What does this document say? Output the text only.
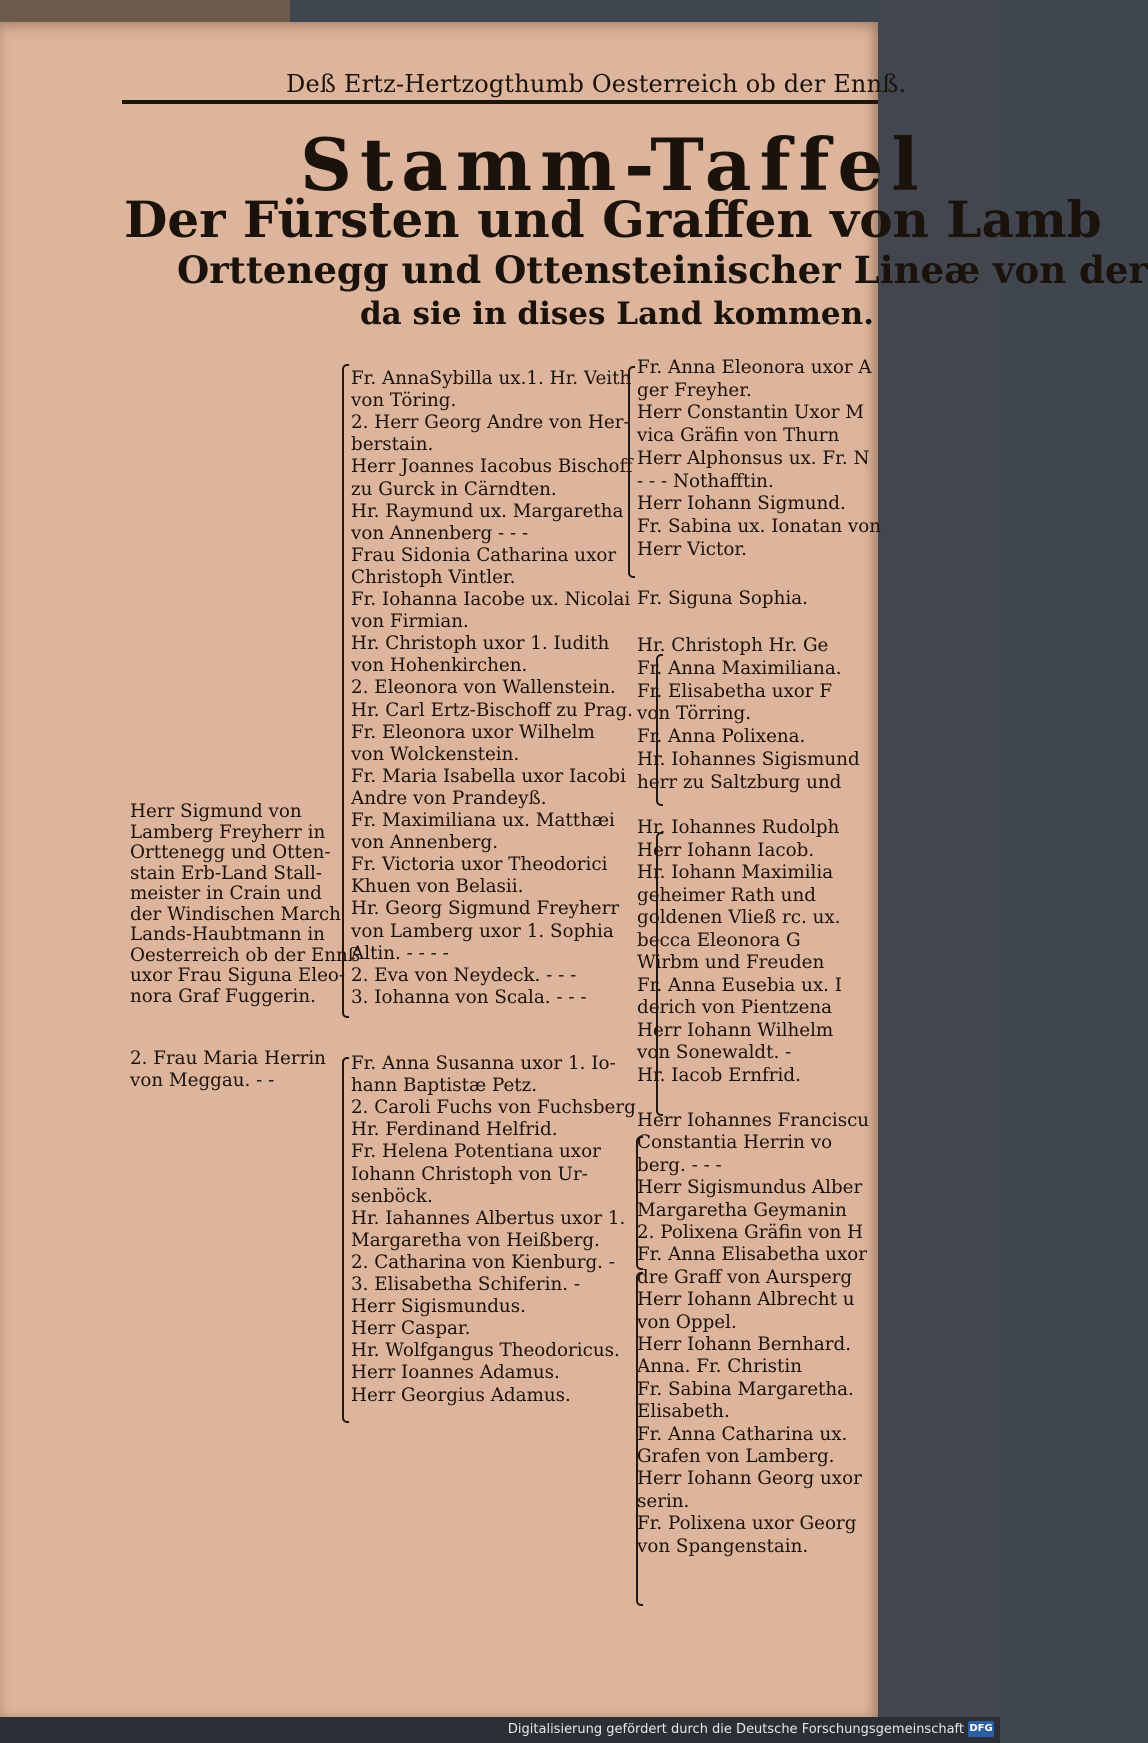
Deß Ertz-Hertzogthumb Oesterreich ob der Ennß.

Stamm-Taffel

Der Fürsten und Graffen von Lamb

Orttenegg und Ottensteinischer Lineæ von der

da sie in dises Land kommen.

Herr Sigmund von

Lamberg Freyherr in

Orttenegg und Otten-

stain Erb-Land Stall-

meister in Crain und

der Windischen March

Lands-Haubtmann in

Oesterreich ob der Ennß

uxor Frau Siguna Eleo-

nora Graf Fuggerin.

2. Frau Maria Herrin

von Meggau. - -

Fr. AnnaSybilla ux.1. Hr. Veith

von Töring.

2. Herr Georg Andre von Her-

berstain.

Herr Joannes Iacobus Bischoff

zu Gurck in Cärndten.

Hr. Raymund ux. Margaretha

von Annenberg - - -

Frau Sidonia Catharina uxor

Christoph Vintler.

Fr. Iohanna Iacobe ux. Nicolai

von Firmian.

Hr. Christoph uxor 1. Iudith

von Hohenkirchen.

2. Eleonora von Wallenstein.

Hr. Carl Ertz-Bischoff zu Prag.

Fr. Eleonora uxor Wilhelm

von Wolckenstein.

Fr. Maria Isabella uxor Iacobi

Andre von Prandeyß.

Fr. Maximiliana ux. Matthæi

von Annenberg.

Fr. Victoria uxor Theodorici

Khuen von Belasii.

Hr. Georg Sigmund Freyherr

von Lamberg uxor 1. Sophia

Altin. - - - -

2. Eva von Neydeck. - - -

3. Iohanna von Scala. - - -

Fr. Anna Susanna uxor 1. Io-

hann Baptistæ Petz.

2. Caroli Fuchs von Fuchsberg

Hr. Ferdinand Helfrid.

Fr. Helena Potentiana uxor

Iohann Christoph von Ur-

senböck.

Hr. Iahannes Albertus uxor 1.

Margaretha von Heißberg.

2. Catharina von Kienburg. -

3. Elisabetha Schiferin. -

Herr Sigismundus.

Herr Caspar.

Hr. Wolfgangus Theodoricus.

Herr Ioannes Adamus.

Herr Georgius Adamus.

Fr. Anna Eleonora uxor A

ger Freyher.

Herr Constantin Uxor M

vica Gräfin von Thurn

Herr Alphonsus ux. Fr. N

- - - Nothafftin.

Herr Iohann Sigmund.

Fr. Sabina ux. Ionatan von

Herr Victor.

Fr. Siguna Sophia.

Hr. Christoph Hr. Ge

Fr. Anna Maximiliana.

Fr. Elisabetha uxor F

von Törring.

Fr. Anna Polixena.

Hr. Iohannes Sigismund

herr zu Saltzburg und

Hr. Iohannes Rudolph

Herr Iohann Iacob.

Hr. Iohann Maximilia

geheimer Rath und

goldenen Vließ rc. ux.

becca Eleonora G

Wirbm und Freuden

Fr. Anna Eusebia ux. I

derich von Pientzena

Herr Iohann Wilhelm

von Sonewaldt. -

Hr. Iacob Ernfrid.

Herr Iohannes Franciscu

Constantia Herrin vo

berg. - - -

Herr Sigismundus Alber

Margaretha Geymanin

2. Polixena Gräfin von H

Fr. Anna Elisabetha uxor

dre Graff von Aursperg

Herr Iohann Albrecht u

von Oppel.

Herr Iohann Bernhard.

Anna. Fr. Christin

Fr. Sabina Margaretha.

Elisabeth.

Fr. Anna Catharina ux.

Grafen von Lamberg.

Herr Iohann Georg uxor

serin.

Fr. Polixena uxor Georg

von Spangenstain.

Digitalisierung gefördert durch die Deutsche Forschungsgemeinschaft DFG
